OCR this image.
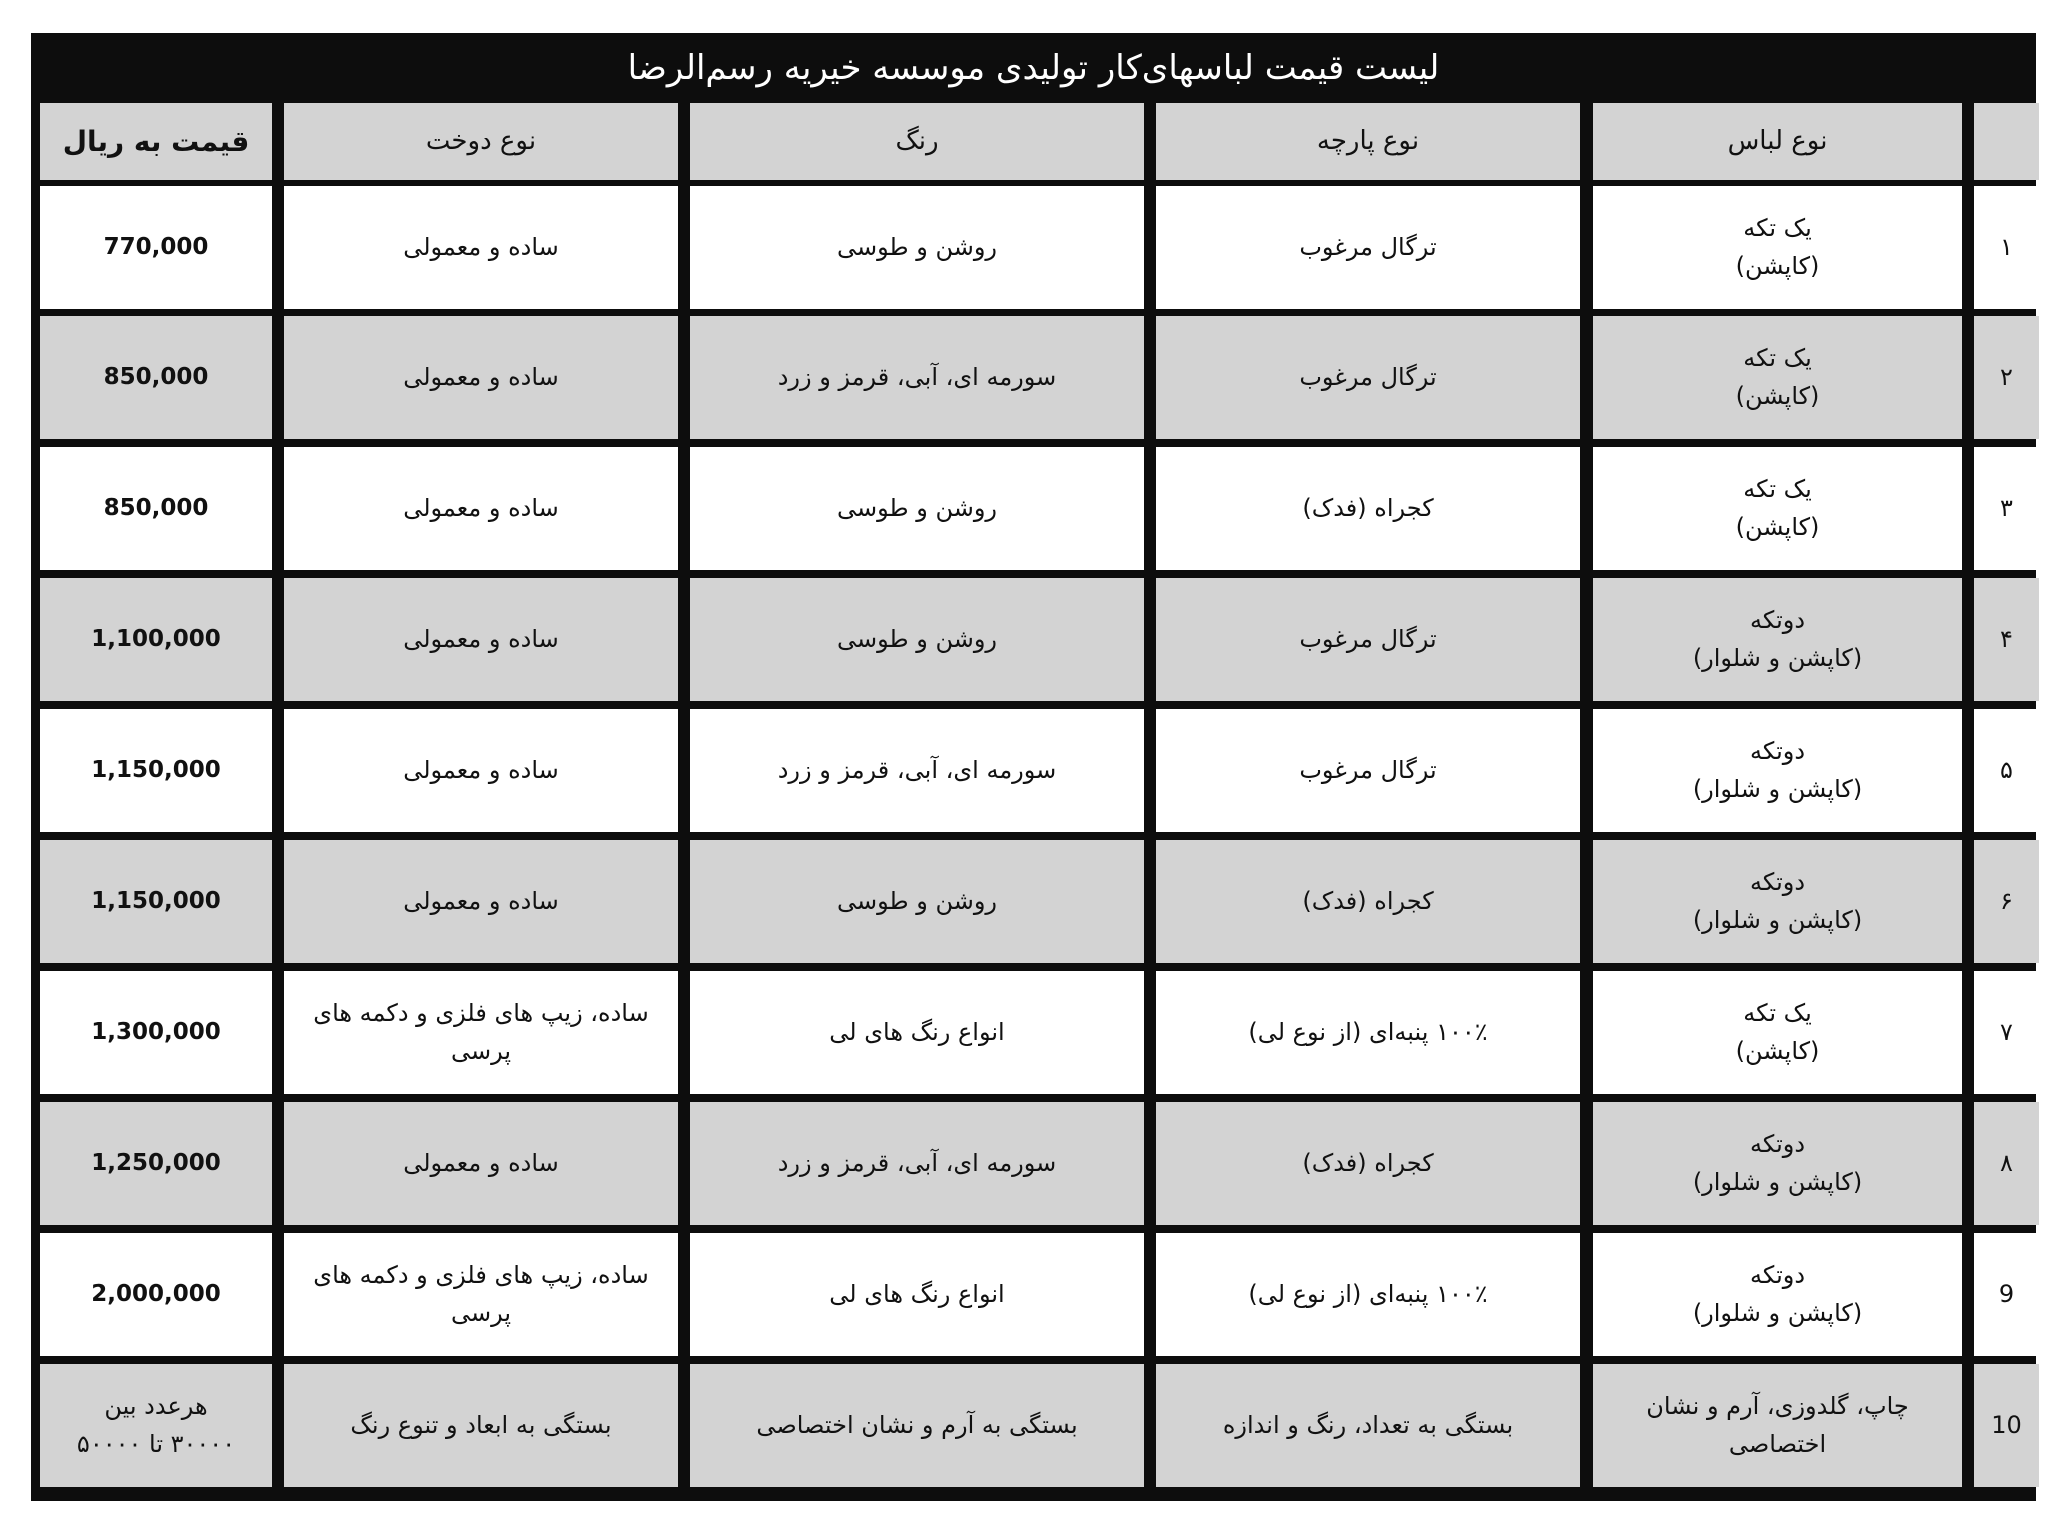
لیست قیمت لباسهای‌کار تولیدی موسسه خیریه رسم‌الرضا
نوع لباس
نوع پارچه
رنگ
نوع دوخت
قیمت به ریال
۱
یک تکه
(کاپشن)
ترگال مرغوب
روشن و طوسی
ساده و معمولی
770,000
۲
یک تکه
(کاپشن)
ترگال مرغوب
سورمه ای، آبی، قرمز و زرد
ساده و معمولی
850,000
۳
یک تکه
(کاپشن)
کجراه (فدک)
روشن و طوسی
ساده و معمولی
850,000
۴
دوتکه
(کاپشن و شلوار)
ترگال مرغوب
روشن و طوسی
ساده و معمولی
1,100,000
۵
دوتکه
(کاپشن و شلوار)
ترگال مرغوب
سورمه ای، آبی، قرمز و زرد
ساده و معمولی
1,150,000
۶
دوتکه
(کاپشن و شلوار)
کجراه (فدک)
روشن و طوسی
ساده و معمولی
1,150,000
۷
یک تکه
(کاپشن)
۱۰۰٪ پنبه‌ای (از نوع لی)
انواع رنگ های لی
ساده، زیپ های فلزی و دکمه های
پرسی
1,300,000
۸
دوتکه
(کاپشن و شلوار)
کجراه (فدک)
سورمه ای، آبی، قرمز و زرد
ساده و معمولی
1,250,000
9
دوتکه
(کاپشن و شلوار)
۱۰۰٪ پنبه‌ای (از نوع لی)
انواع رنگ های لی
ساده، زیپ های فلزی و دکمه های
پرسی
2,000,000
10
چاپ، گلدوزی، آرم و نشان
اختصاصی
بستگی به تعداد، رنگ و اندازه
بستگی به آرم و نشان اختصاصی
بستگی به ابعاد و تنوع رنگ
هرعدد بین
۳۰۰۰۰ تا ۵۰۰۰۰
